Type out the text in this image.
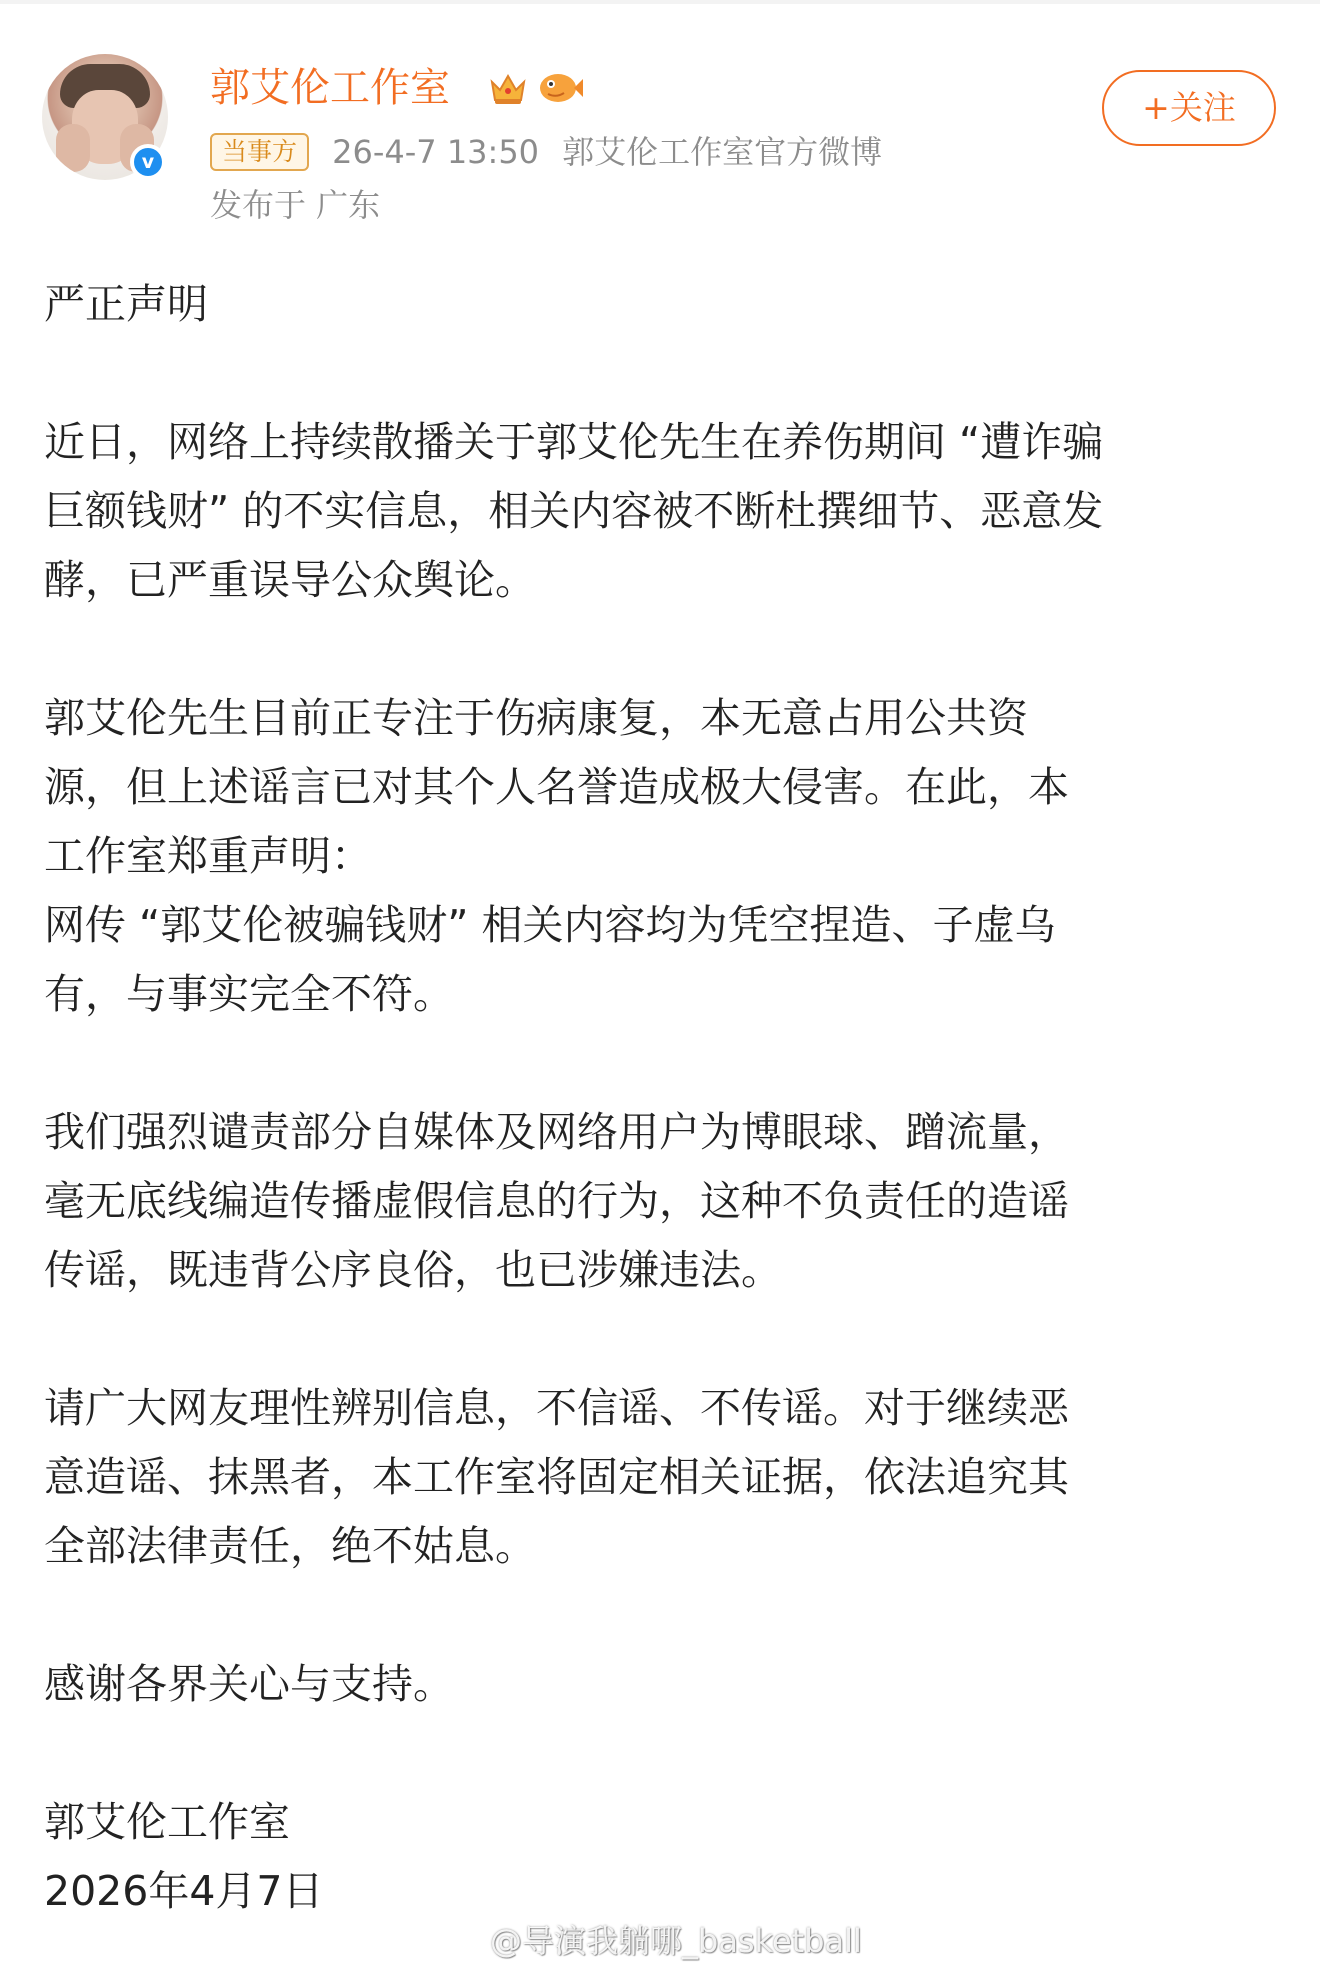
v
郭艾伦工作室
当事方 26-4-7 13:50 郭艾伦工作室官方微博
发布于 广东
+关注

严正声明

近日，网络上持续散播关于郭艾伦先生在养伤期间 “遭诈骗
巨额钱财” 的不实信息，相关内容被不断杜撰细节、恶意发
酵，已严重误导公众舆论。

郭艾伦先生目前正专注于伤病康复，本无意占用公共资
源，但上述谣言已对其个人名誉造成极大侵害。在此，本
工作室郑重声明：
网传 “郭艾伦被骗钱财” 相关内容均为凭空捏造、子虚乌
有，与事实完全不符。

我们强烈谴责部分自媒体及网络用户为博眼球、蹭流量，
毫无底线编造传播虚假信息的行为，这种不负责任的造谣
传谣，既违背公序良俗，也已涉嫌违法。

请广大网友理性辨别信息，不信谣、不传谣。对于继续恶
意造谣、抹黑者，本工作室将固定相关证据，依法追究其
全部法律责任，绝不姑息。

感谢各界关心与支持。

郭艾伦工作室
2026年4月7日

@导演我躺哪_basketball
